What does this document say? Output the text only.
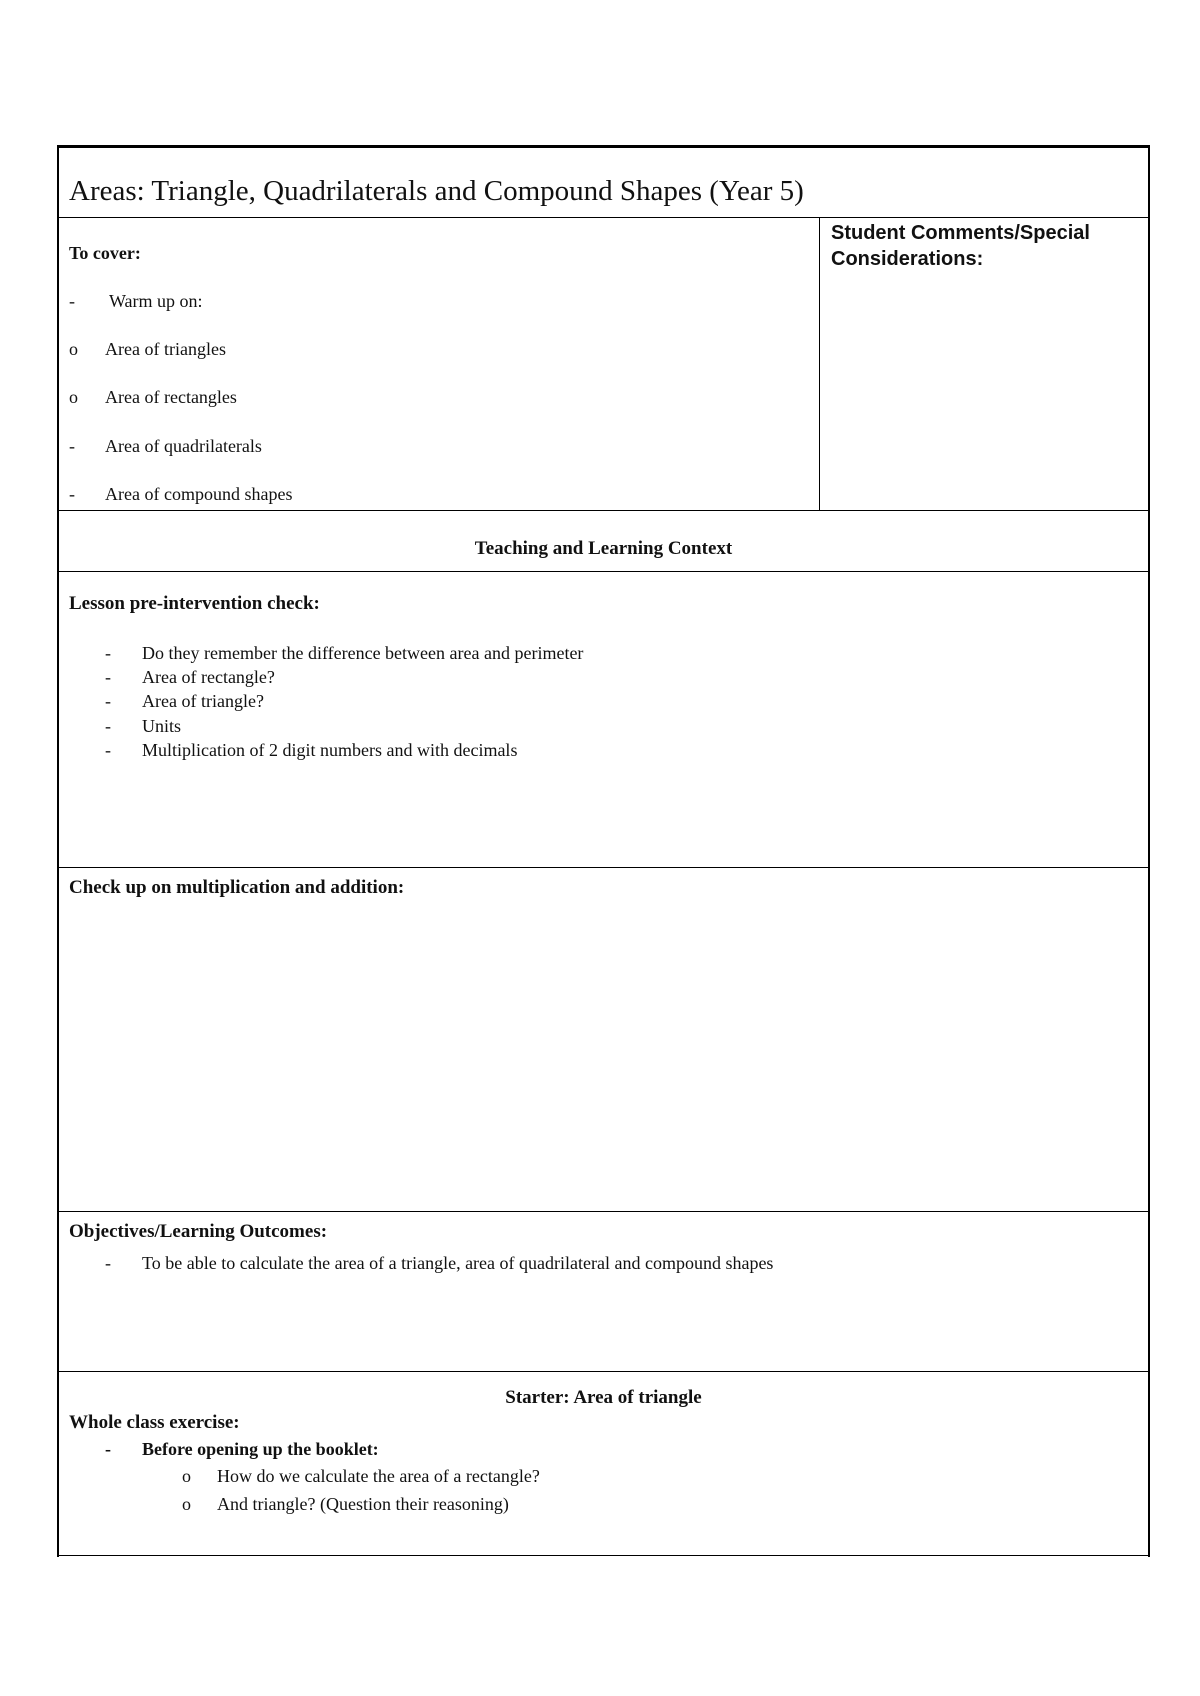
Areas: Triangle, Quadrilaterals and Compound Shapes (Year 5)
To cover:
- Warm up on:
o Area of triangles
o Area of rectangles
- Area of quadrilaterals
- Area of compound shapes
Student Comments/Special Considerations:
Teaching and Learning Context
Lesson pre-intervention check:
- Do they remember the difference between area and perimeter
- Area of rectangle?
- Area of triangle?
- Units
- Multiplication of 2 digit numbers and with decimals
Check up on multiplication and addition:
Objectives/Learning Outcomes:
- To be able to calculate the area of a triangle, area of quadrilateral and compound shapes
Starter: Area of triangle
Whole class exercise:
- Before opening up the booklet:
o How do we calculate the area of a rectangle?
o And triangle? (Question their reasoning)
